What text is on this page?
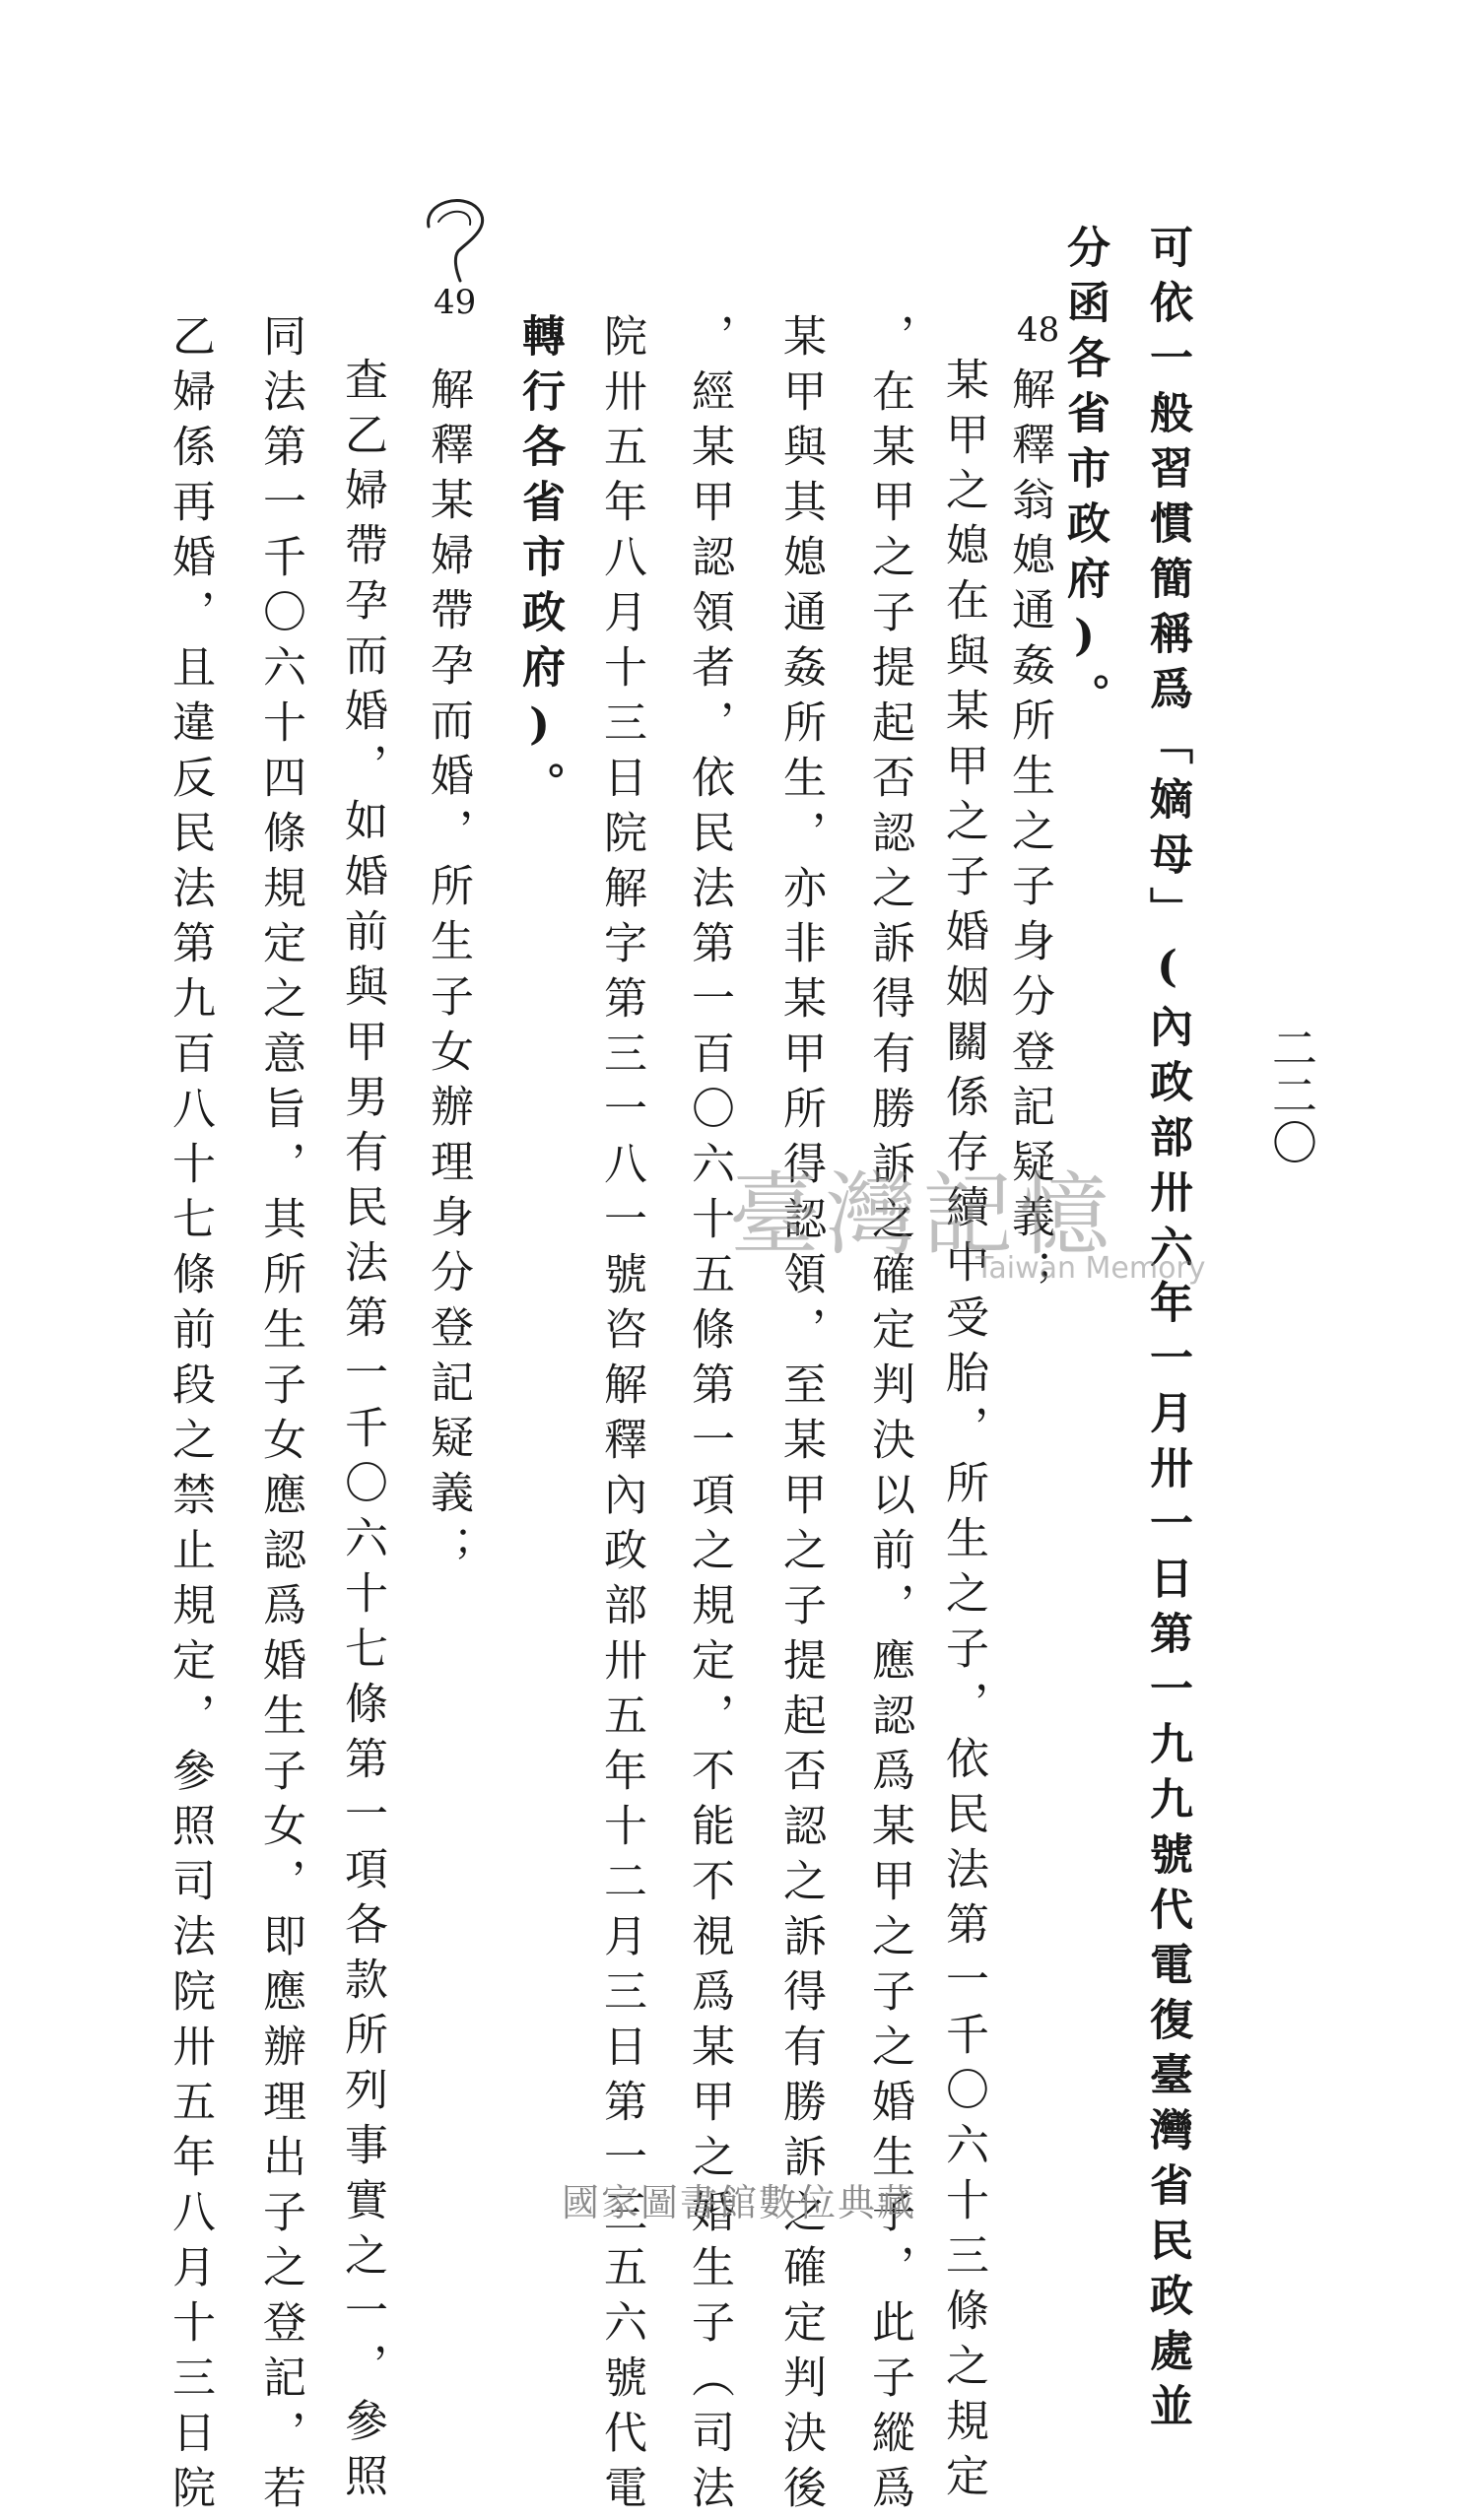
二二〇
可依一般習慣簡稱爲「嫡母」(內政部卅六年一月卅一日第一九九號代電復臺灣省民政處並
分函各省市政府)。
48
解釋翁媳通姦所生之子身分登記疑義；
某甲之媳在與某甲之子婚姻關係存續中受胎，所生之子，依民法第一千〇六十三條之規定
，在某甲之子提起否認之訴得有勝訴之確定判決以前，應認爲某甲之子之婚生子，此子縱爲
某甲與其媳通姦所生，亦非某甲所得認領，至某甲之子提起否認之訴得有勝訴之確定判決後
，經某甲認領者，依民法第一百〇六十五條第一項之規定，不能不視爲某甲之婚生子（司法
院卅五年八月十三日院解字第三一八一號咨解釋內政部卅五年十二月三日第一三五六號代電
轉行各省市政府)。
49
解釋某婦帶孕而婚，所生子女辦理身分登記疑義；
査乙婦帶孕而婚，如婚前與甲男有民法第一千〇六十七條第一項各款所列事實之一，參照
同法第一千〇六十四條規定之意旨，其所生子女應認爲婚生子女，即應辦理出子之登記，若
乙婦係再婚，且違反民法第九百八十七條前段之禁止規定，參照司法院卅五年八月十三日院	臺灣記憶
Taiwan Memory
國家圖書館數位典藏
